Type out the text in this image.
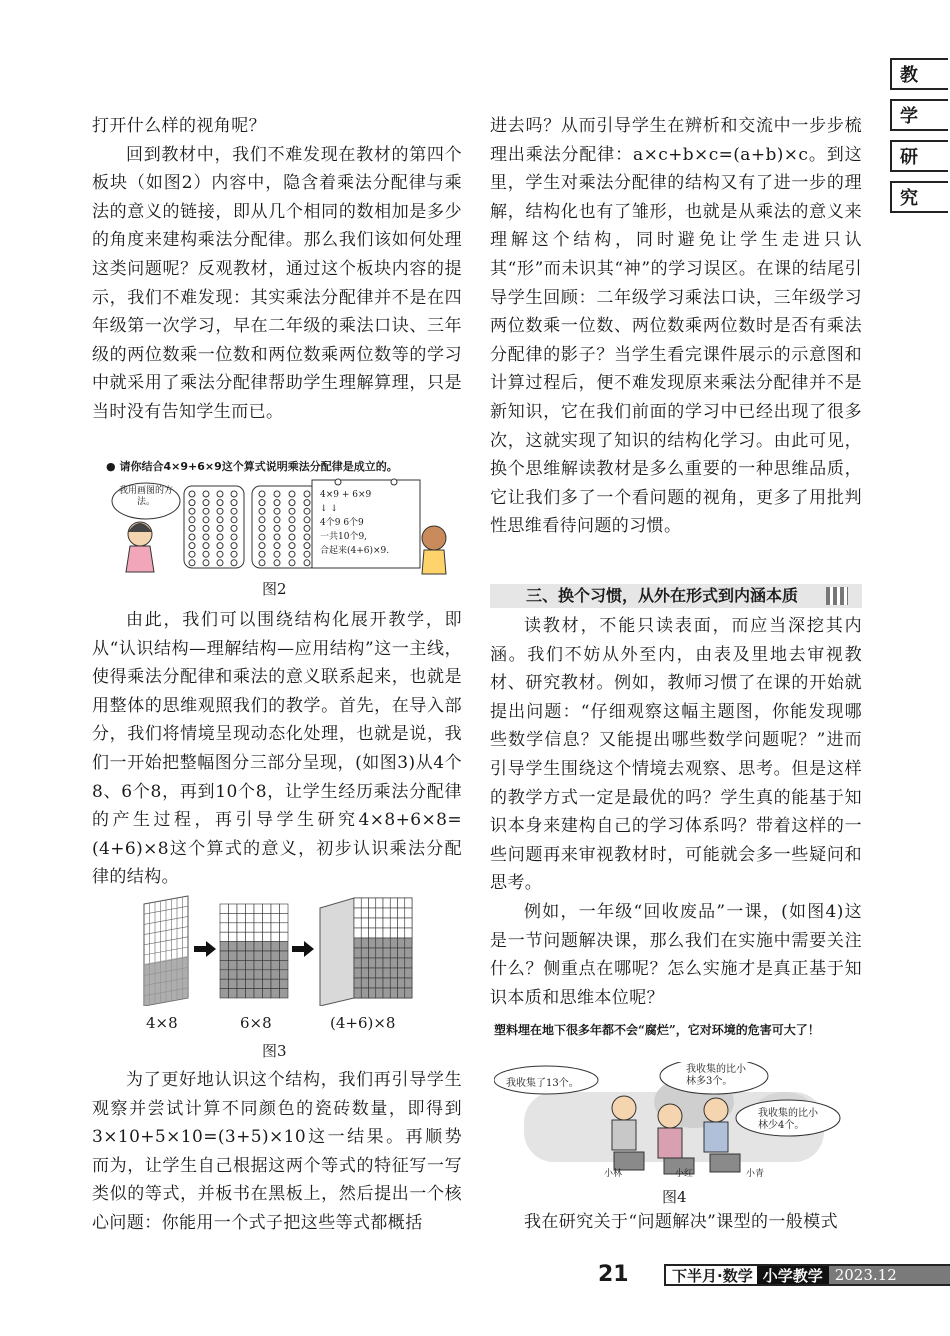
教
学
研
究

打开什么样的视角呢？

回到教材中，我们不难发现在教材的第四个板块（如图2）内容中，隐含着乘法分配律与乘法的意义的链接，即从几个相同的数相加是多少的角度来建构乘法分配律。那么我们该如何处理这类问题呢？反观教材，通过这个板块内容的提示，我们不难发现：其实乘法分配律并不是在四年级第一次学习，早在二年级的乘法口诀、三年级的两位数乘一位数和两位数乘两位数等的学习中就采用了乘法分配律帮助学生理解算理，只是当时没有告知学生而已。

● 请你结合4×9+6×9这个算式说明乘法分配律是成立的。
我用画图的方法。
4×9 + 6×9
↓ ↓
4个9 6个9
一共10个9,
合起来(4+6)×9.
图2

由此，我们可以围绕结构化展开教学，即从“认识结构—理解结构—应用结构”这一主线，使得乘法分配律和乘法的意义联系起来，也就是用整体的思维观照我们的教学。首先，在导入部分，我们将情境呈现动态化处理，也就是说，我们一开始把整幅图分三部分呈现，(如图3)从4个8、6个8，再到10个8，让学生经历乘法分配律的产生过程，再引导学生研究4×8+6×8=(4+6)×8这个算式的意义，初步认识乘法分配律的结构。

4×8	6×8	(4+6)×8
图3

为了更好地认识这个结构，我们再引导学生观察并尝试计算不同颜色的瓷砖数量，即得到3×10+5×10=(3+5)×10这一结果。再顺势而为，让学生自己根据这两个等式的特征写一写类似的等式，并板书在黑板上，然后提出一个核心问题：你能用一个式子把这些等式都概括

进去吗？从而引导学生在辨析和交流中一步步梳理出乘法分配律：a×c+b×c=(a+b)×c。到这里，学生对乘法分配律的结构又有了进一步的理解，结构化也有了雏形，也就是从乘法的意义来理解这个结构，同时避免让学生走进只认其“形”而未识其“神”的学习误区。在课的结尾引导学生回顾：二年级学习乘法口诀，三年级学习两位数乘一位数、两位数乘两位数时是否有乘法分配律的影子？当学生看完课件展示的示意图和计算过程后，便不难发现原来乘法分配律并不是新知识，它在我们前面的学习中已经出现了很多次，这就实现了知识的结构化学习。由此可见，换个思维解读教材是多么重要的一种思维品质，它让我们多了一个看问题的视角，更多了用批判性思维看待问题的习惯。

三、换个习惯，从外在形式到内涵本质

读教材，不能只读表面，而应当深挖其内涵。我们不妨从外至内，由表及里地去审视教材、研究教材。例如，教师习惯了在课的开始就提出问题：“仔细观察这幅主题图，你能发现哪些数学信息？又能提出哪些数学问题呢？”进而引导学生围绕这个情境去观察、思考。但是这样的教学方式一定是最优的吗？学生真的能基于知识本身来建构自己的学习体系吗？带着这样的一些问题再来审视教材时，可能就会多一些疑问和思考。

例如，一年级“回收废品”一课，(如图4)这是一节问题解决课，那么我们在实施中需要关注什么？侧重点在哪呢？怎么实施才是真正基于知识本质和思维本位呢？

塑料埋在地下很多年都不会“腐烂”，它对环境的危害可大了！
我收集了13个。
我收集的比小林多3个。
我收集的比小林少4个。
小林	小红	小青
图4

我在研究关于“问题解决”课型的一般模式

21	下半月·数学 小学教学 2023.12
